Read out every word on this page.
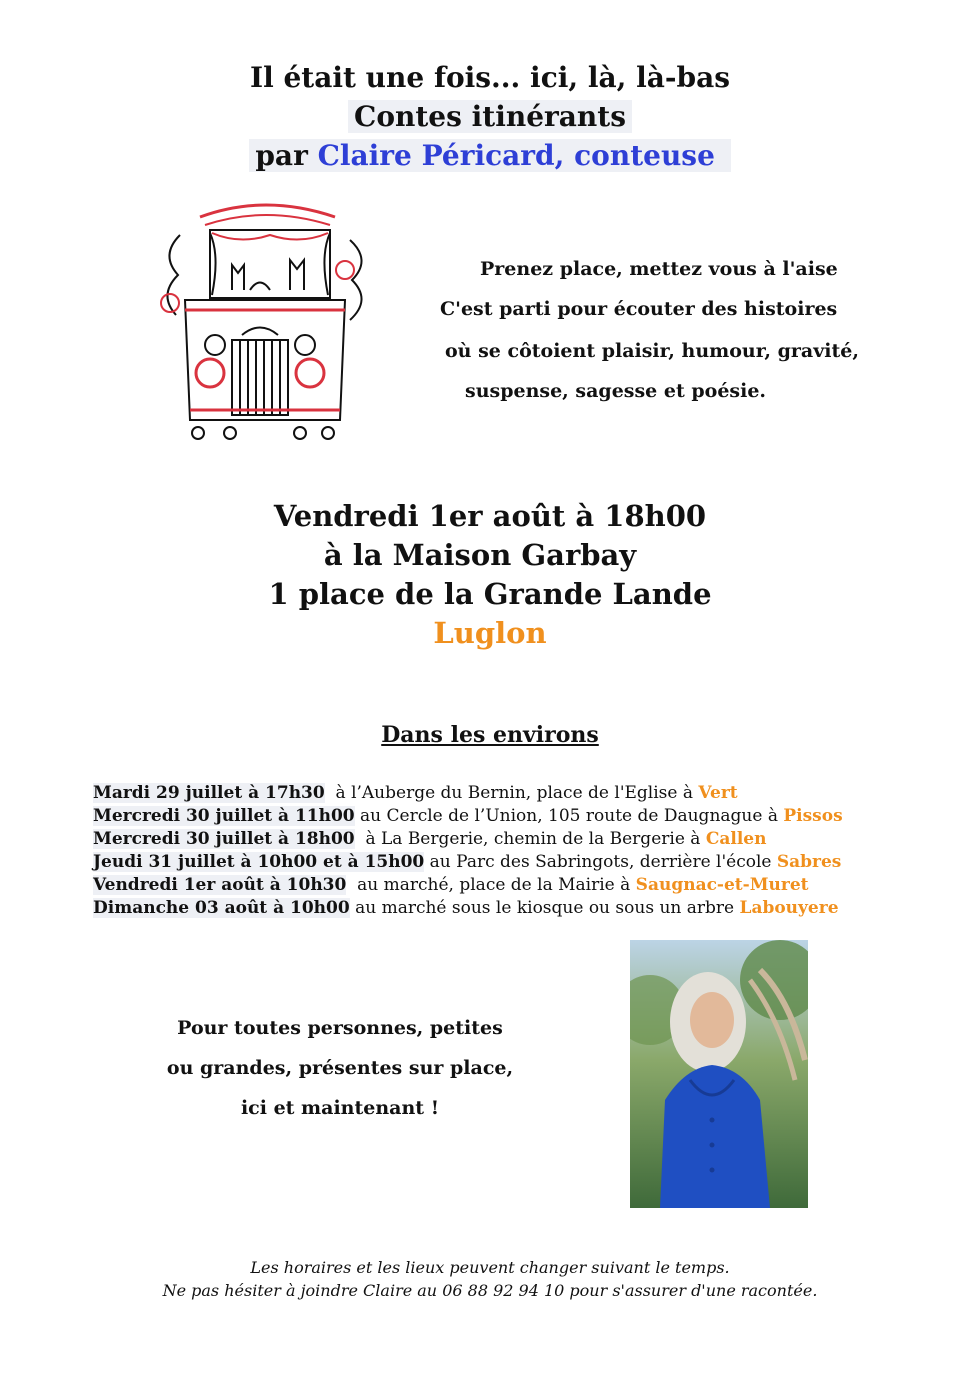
Il était une fois... ici, là, là-bas
Contes itinérants
par Claire Péricard, conteuse
Prenez place, mettez vous à l'aise
C'est parti pour écouter des histoires
où se côtoient plaisir, humour, gravité,
suspense, sagesse et poésie.
Vendredi 1er août à 18h00
à la Maison Garbay
1 place de la Grande Lande
Luglon
Dans les environs
Mardi 29 juillet à 17h30  à l’Auberge du Bernin, place de l'Eglise à Vert
Mercredi 30 juillet à 11h00 au Cercle de l’Union, 105 route de Daugnague à Pissos
Mercredi 30 juillet à 18h00  à La Bergerie, chemin de la Bergerie à Callen
Jeudi 31 juillet à 10h00 et à 15h00 au Parc des Sabringots, derrière l'école Sabres
Vendredi 1er août à 10h30  au marché, place de la Mairie à Saugnac-et-Muret
Dimanche 03 août à 10h00 au marché sous le kiosque ou sous un arbre Labouyere
Pour toutes personnes, petites
ou grandes, présentes sur place,
ici et maintenant !
Les horaires et les lieux peuvent changer suivant le temps.
Ne pas hésiter à joindre Claire au 06 88 92 94 10 pour s'assurer d'une racontée.
